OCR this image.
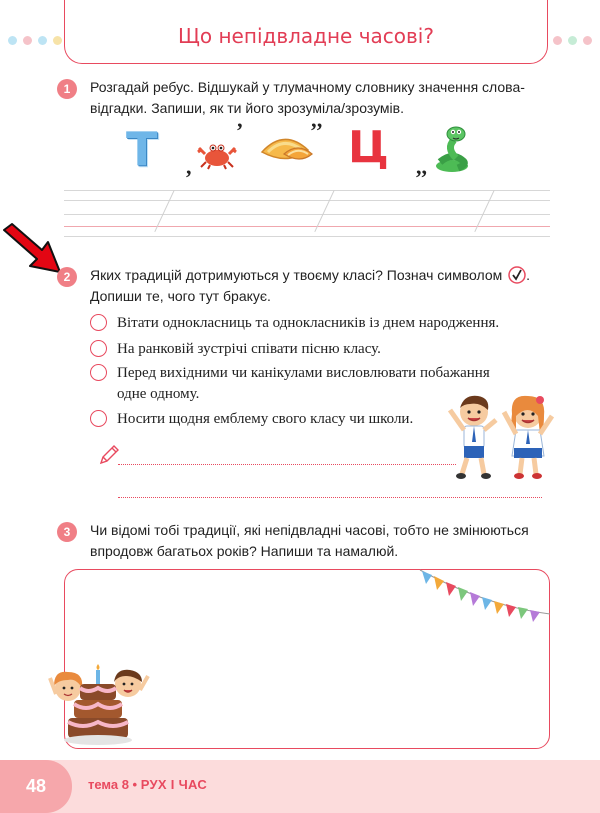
Що непідвладне часові?
1	Розгадай ребус. Відшукай у тлумачному словнику значення слова-
відгадки. Запиши, як ти його зрозуміла/зрозумів.
Т ,
’	’’ Ц ,,
2	Яких традицій дотримуються у твоєму класі? Познач символом .
Допиши те, чого тут бракує.
Вітати однокласниць та однокласників із днем народження.
На ранковій зустрічі співати пісню класу.
Перед вихідними чи канікулами висловлювати побажання
одне одному.
Носити щодня емблему свого класу чи школи.
3	Чи відомі тобі традиції, які непідвладні часові, тобто не змінюються
впродовж багатьох років? Напиши та намалюй.
48	тема 8 • РУХ І ЧАС
